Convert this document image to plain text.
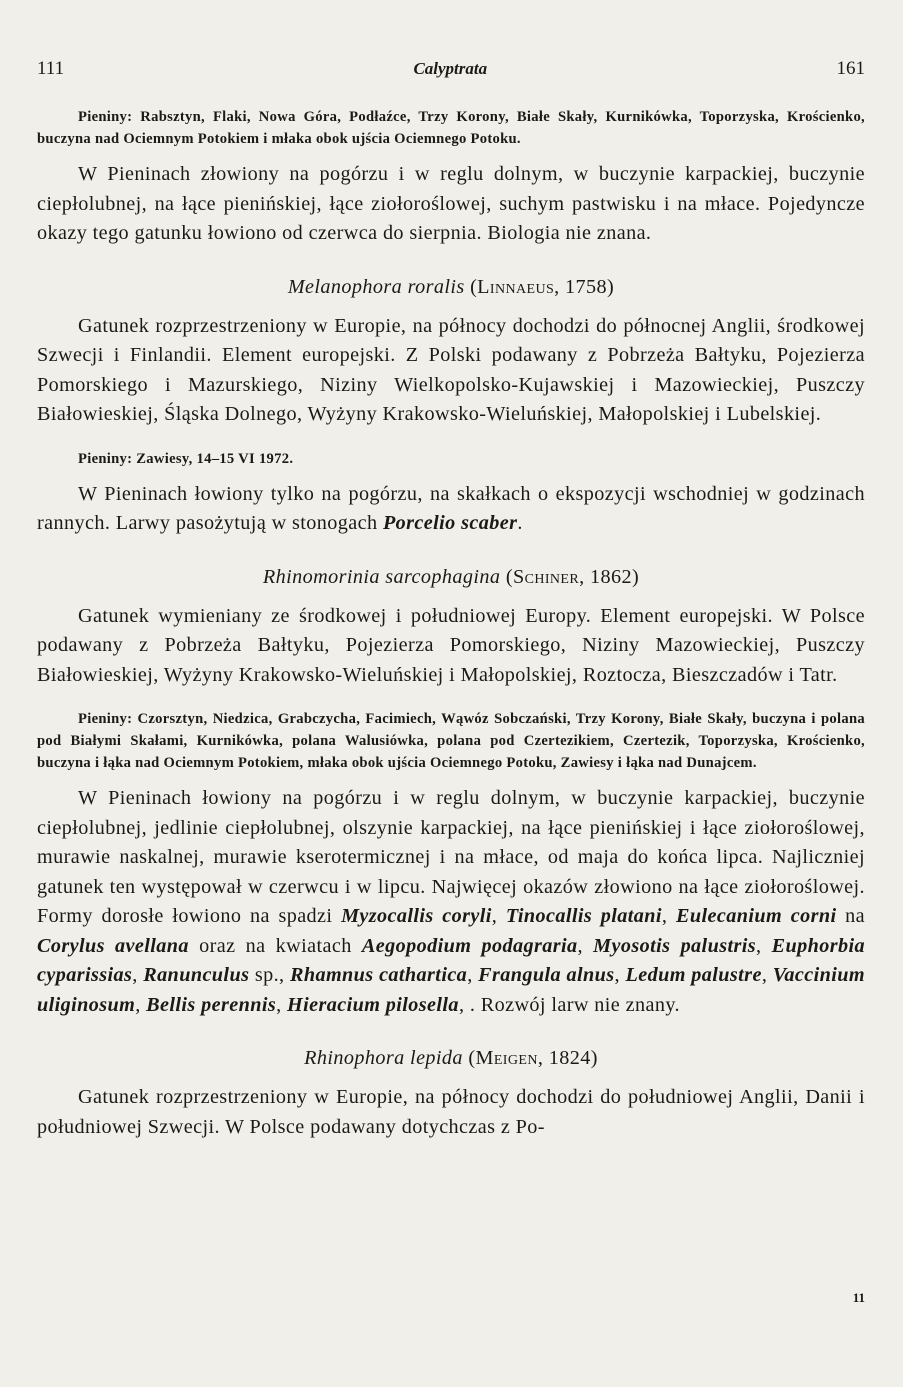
111	Calyptrata	161

Pieniny: Rabsztyn, Flaki, Nowa Góra, Podłaźce, Trzy Korony, Białe Skały, Kurnikówka, Toporzyska, Krościenko, buczyna nad Ociemnym Potokiem i młaka obok ujścia Ociemnego Potoku.

W Pieninach złowiony na pogórzu i w reglu dolnym, w buczynie karpackiej, buczynie ciepłolubnej, na łące pienińskiej, łące ziołoroślowej, suchym pastwisku i na młace. Pojedyncze okazy tego gatunku łowiono od czerwca do sierpnia. Biologia nie znana.

Melanophora roralis (Linnaeus, 1758)

Gatunek rozprzestrzeniony w Europie, na północy dochodzi do północnej Anglii, środkowej Szwecji i Finlandii. Element europejski. Z Polski podawany z Pobrzeża Bałtyku, Pojezierza Pomorskiego i Mazurskiego, Niziny Wielkopolsko-Kujawskiej i Mazowieckiej, Puszczy Białowieskiej, Śląska Dolnego, Wyżyny Krakowsko-Wieluńskiej, Małopolskiej i Lubelskiej.

Pieniny: Zawiesy, 14–15 VI 1972.

W Pieninach łowiony tylko na pogórzu, na skałkach o ekspozycji wschodniej w godzinach rannych. Larwy pasożytują w stonogach Porcelio scaber.

Rhinomorinia sarcophagina (Schiner, 1862)

Gatunek wymieniany ze środkowej i południowej Europy. Element europejski. W Polsce podawany z Pobrzeża Bałtyku, Pojezierza Pomorskiego, Niziny Mazowieckiej, Puszczy Białowieskiej, Wyżyny Krakowsko-Wieluńskiej i Małopolskiej, Roztocza, Bieszczadów i Tatr.

Pieniny: Czorsztyn, Niedzica, Grabczycha, Facimiech, Wąwóz Sobczański, Trzy Korony, Białe Skały, buczyna i polana pod Białymi Skałami, Kurnikówka, polana Walusiówka, polana pod Czertezikiem, Czertezik, Toporzyska, Krościenko, buczyna i łąka nad Ociemnym Potokiem, młaka obok ujścia Ociemnego Potoku, Zawiesy i łąka nad Dunajcem.

W Pieninach łowiony na pogórzu i w reglu dolnym, w buczynie karpackiej, buczynie ciepłolubnej, jedlinie ciepłolubnej, olszynie karpackiej, na łące pienińskiej i łące ziołoroślowej, murawie naskalnej, murawie kserotermicznej i na młace, od maja do końca lipca. Najliczniej gatunek ten występował w czerwcu i w lipcu. Najwięcej okazów złowiono na łące ziołoroślowej. Formy dorosłe łowiono na spadzi Myzocallis coryli, Tinocallis platani, Eulecanium corni na Corylus avellana oraz na kwiatach Aegopodium podagraria, Myosotis palustris, Euphorbia cyparissias, Ranunculus sp., Rhamnus cathartica, Frangula alnus, Ledum palustre, Vaccinium uliginosum, Bellis perennis, Hieracium pilosella, . Rozwój larw nie znany.

Rhinophora lepida (Meigen, 1824)

Gatunek rozprzestrzeniony w Europie, na północy dochodzi do południowej Anglii, Danii i południowej Szwecji. W Polsce podawany dotychczas z Po-

11
